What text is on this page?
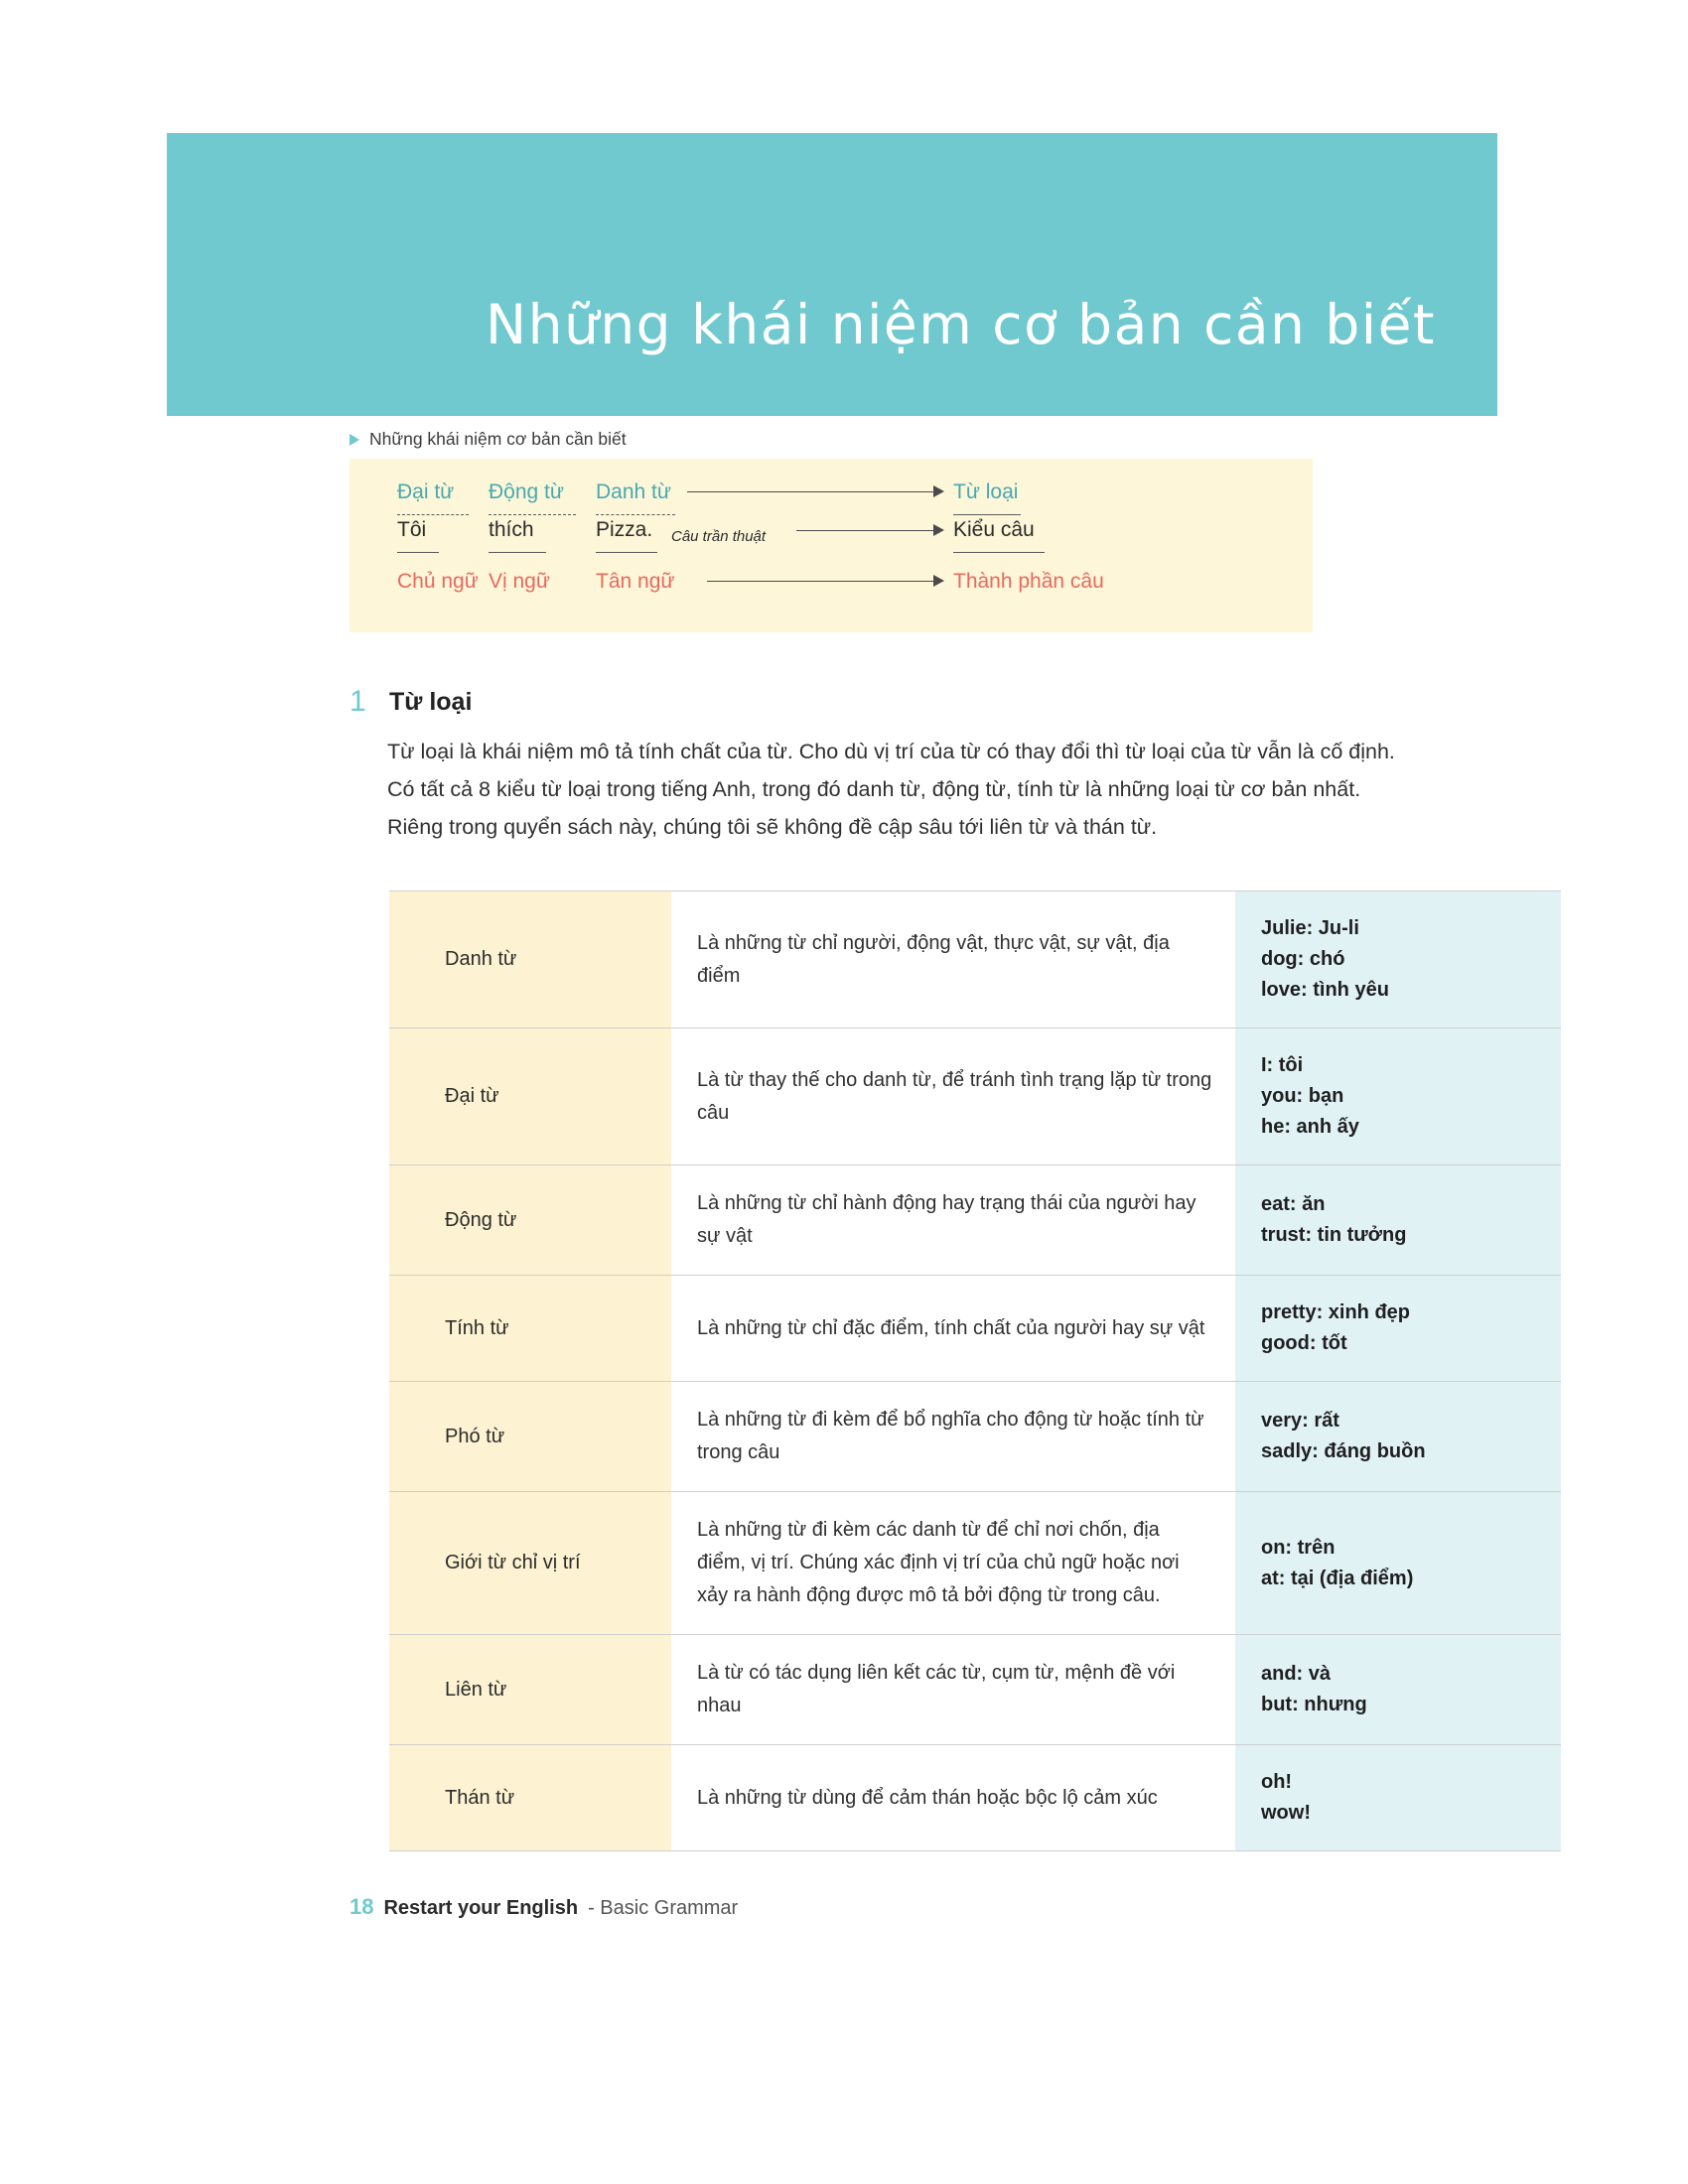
Những khái niệm cơ bản cần biết
Những khái niệm cơ bản cần biết
Đại từ Động từ Danh từ	Từ loại
Tôi	thích	Pizza. Câu trần thuật	Kiểu câu
Chủ ngữ Vị ngữ Tân ngữ	Thành phần câu
1 Từ loại
Từ loại là khái niệm mô tả tính chất của từ. Cho dù vị trí của từ có thay đổi thì từ loại của từ vẫn là cố định. Có tất cả 8 kiểu từ loại trong tiếng Anh, trong đó danh từ, động từ, tính từ là những loại từ cơ bản nhất. Riêng trong quyển sách này, chúng tôi sẽ không đề cập sâu tới liên từ và thán từ.
Danh từ	Là những từ chỉ người, động vật, thực vật, sự vật, địa điểm	Julie: Ju-li
dog: chó
love: tình yêu

Đại từ	Là từ thay thế cho danh từ, để tránh tình trạng lặp từ trong câu	I: tôi
you: bạn
he: anh ấy

Động từ	Là những từ chỉ hành động hay trạng thái của người hay sự vật	eat: ăn
trust: tin tưởng

Tính từ	Là những từ chỉ đặc điểm, tính chất của người hay sự vật	pretty: xinh đẹp
good: tốt

Phó từ	Là những từ đi kèm để bổ nghĩa cho động từ hoặc tính từ trong câu	very: rất
sadly: đáng buồn

Giới từ chỉ vị trí	Là những từ đi kèm các danh từ để chỉ nơi chốn, địa điểm, vị trí. Chúng xác định vị trí của chủ ngữ hoặc nơi xảy ra hành động được mô tả bởi động từ trong câu.	on: trên
at: tại (địa điểm)

Liên từ	Là từ có tác dụng liên kết các từ, cụm từ, mệnh đề với nhau	and: và
but: nhưng

Thán từ	Là những từ dùng để cảm thán hoặc bộc lộ cảm xúc	oh!
wow!
18 Restart your English - Basic Grammar
